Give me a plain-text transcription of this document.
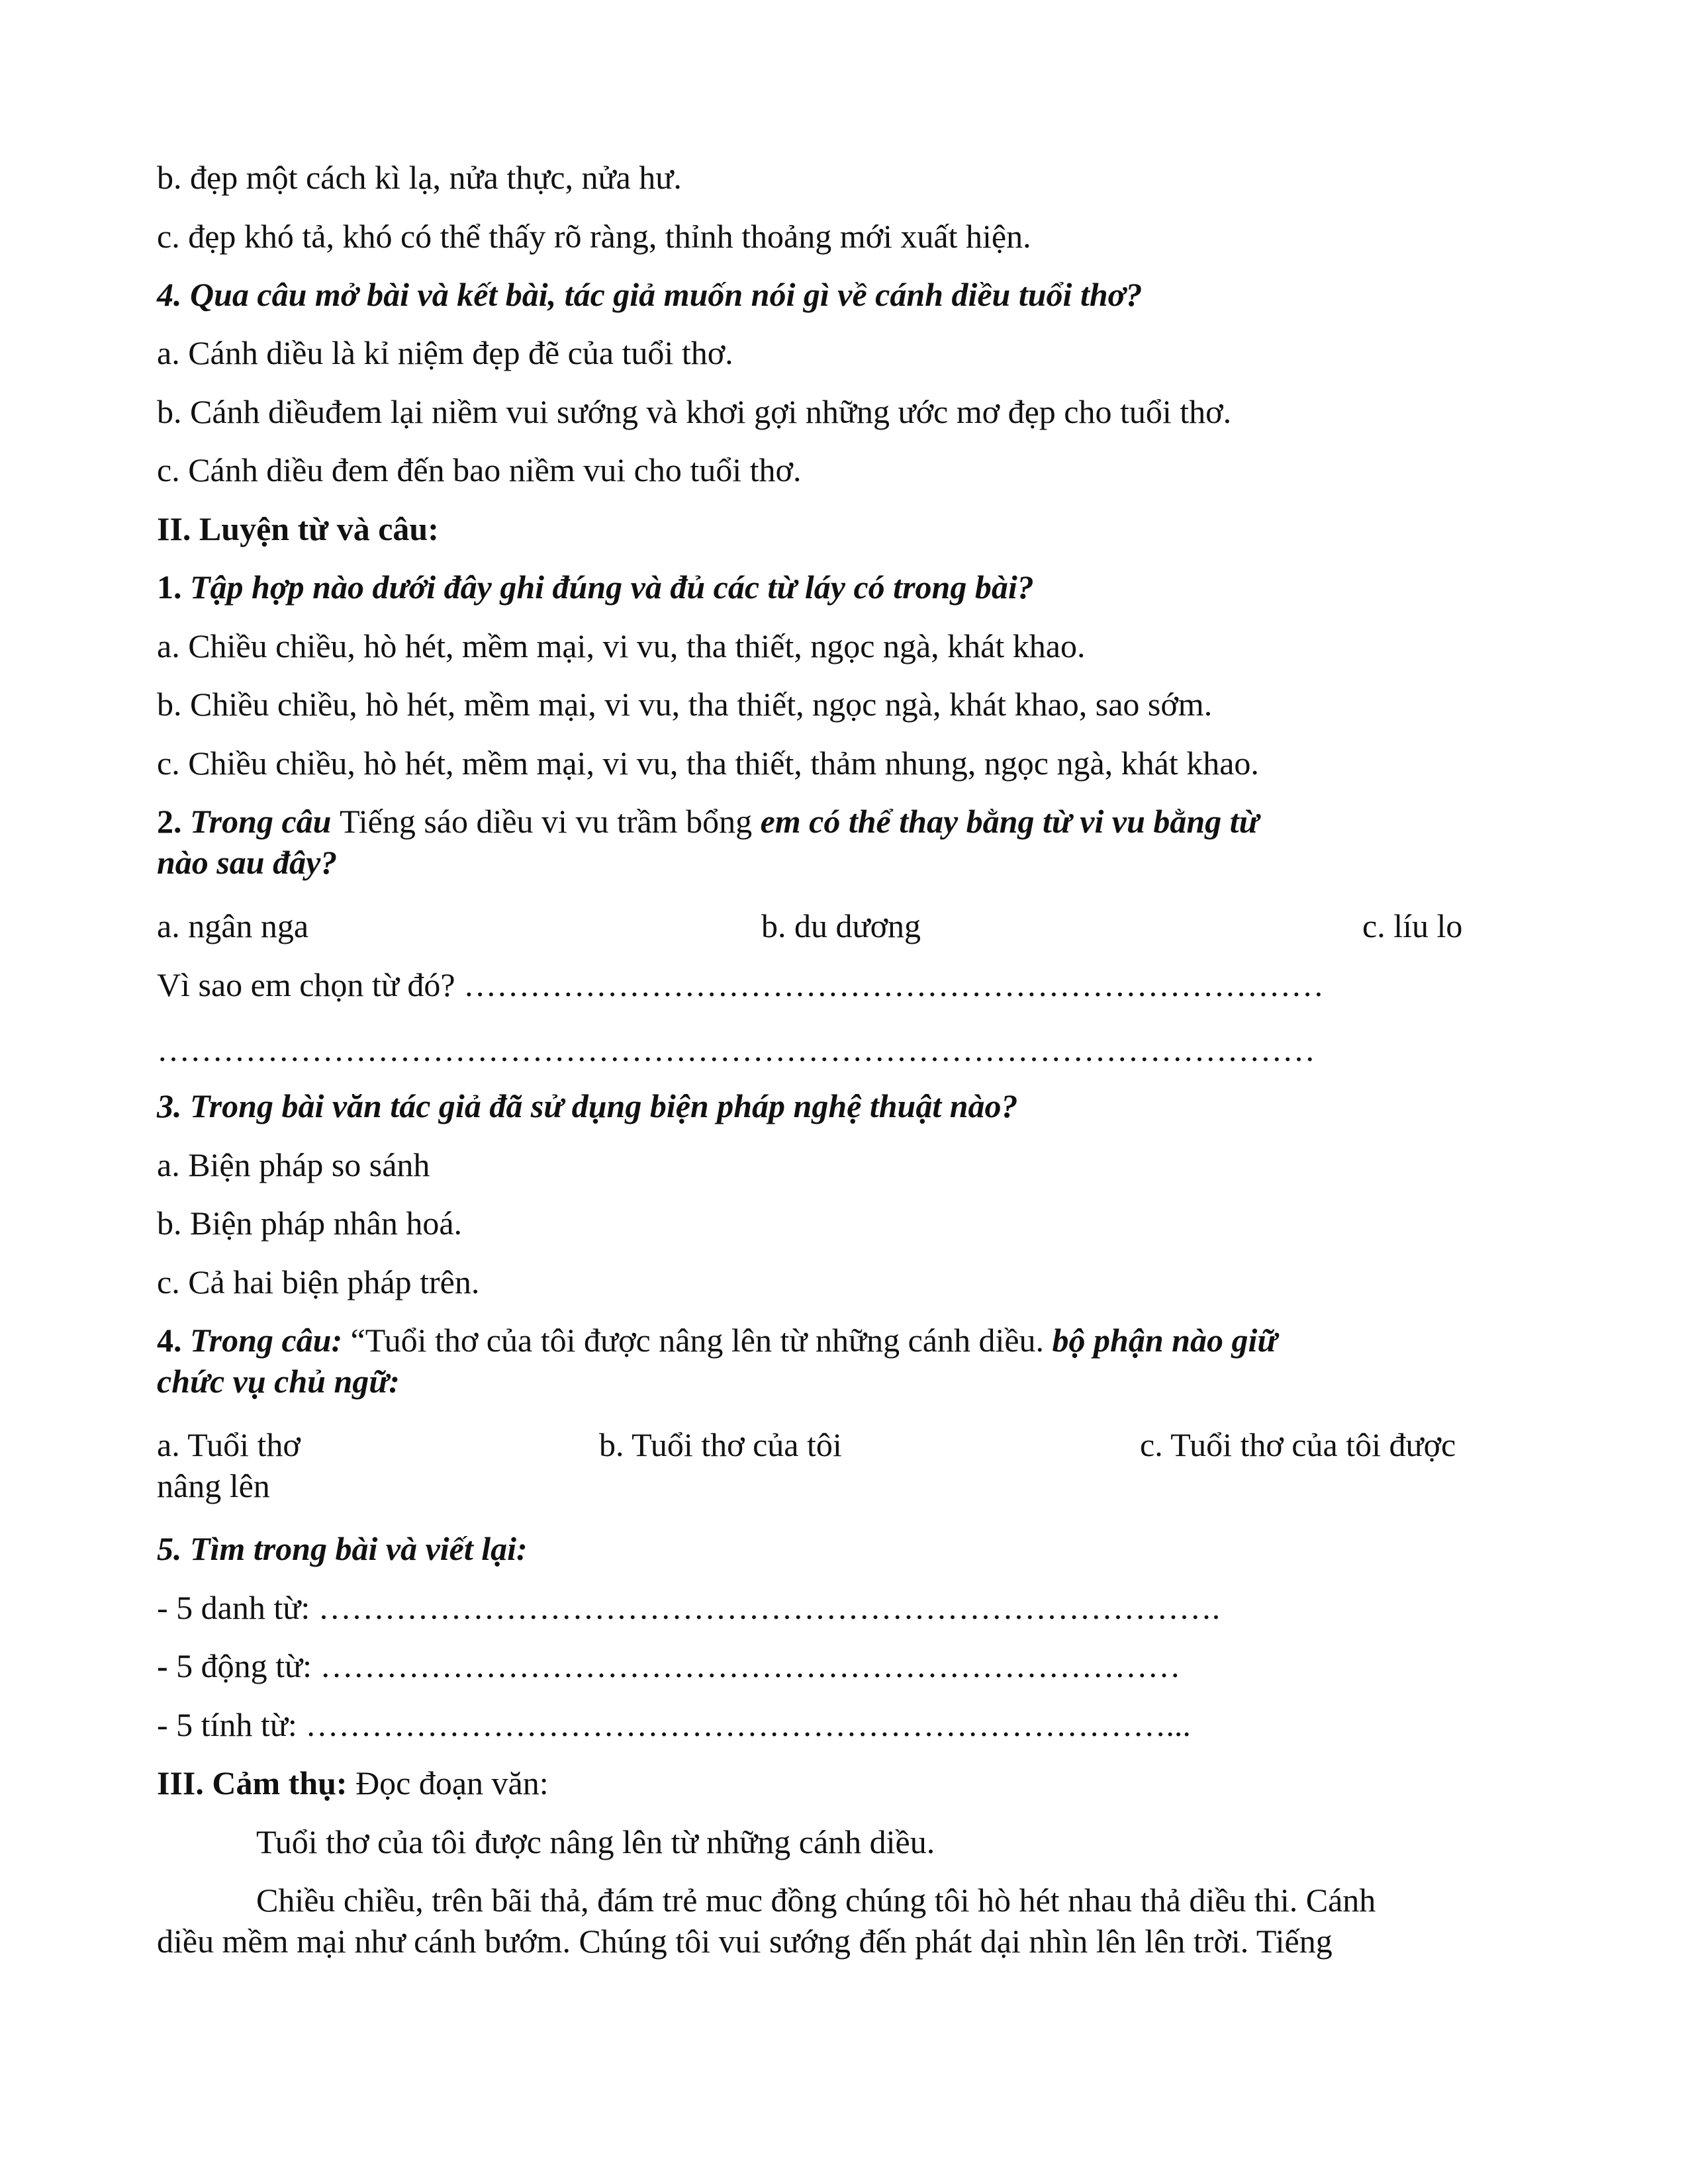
b. đẹp một cách kì lạ, nửa thực, nửa hư.

c. đẹp khó tả, khó có thể thấy rõ ràng, thỉnh thoảng mới xuất hiện.

4. Qua câu mở bài và kết bài, tác giả muốn nói gì về cánh diều tuổi thơ?

a. Cánh diều là kỉ niệm đẹp đẽ của tuổi thơ.

b. Cánh diềuđem lại niềm vui sướng và khơi gợi những ước mơ đẹp cho tuổi thơ.

c. Cánh diều đem đến bao niềm vui cho tuổi thơ.

II. Luyện từ và câu:

1. Tập hợp nào dưới đây ghi đúng và đủ các từ láy có trong bài?

a. Chiều chiều, hò hét, mềm mại, vi vu, tha thiết, ngọc ngà, khát khao.

b. Chiều chiều, hò hét, mềm mại, vi vu, tha thiết, ngọc ngà, khát khao, sao sớm.

c. Chiều chiều, hò hét, mềm mại, vi vu, tha thiết, thảm nhung, ngọc ngà, khát khao.

2. Trong câu Tiếng sáo diều vi vu trầm bổng em có thể thay bằng từ vi vu bằng từ

nào sau đây?

a. ngân nga	b. du dương	c. líu lo

Vì sao em chọn từ đó? ……………………………………………………………………

……………………………………………………………………………………………

3. Trong bài văn tác giả đã sử dụng biện pháp nghệ thuật nào?

a. Biện pháp so sánh

b. Biện pháp nhân hoá.

c. Cả hai biện pháp trên.

4. Trong câu: “Tuổi thơ của tôi được nâng lên từ những cánh diều. bộ phận nào giữ

chức vụ chủ ngữ:

a. Tuổi thơ	b. Tuổi thơ của tôi	c. Tuổi thơ của tôi được

nâng lên

5. Tìm trong bài và viết lại:

- 5 danh từ: ……………………………………………………………………….

- 5 động từ: ……………………………………………………………………

- 5 tính từ: ……………………………………………………………………...

III. Cảm thụ: Đọc đoạn văn:

Tuổi thơ của tôi được nâng lên từ những cánh diều.

Chiều chiều, trên bãi thả, đám trẻ muc đồng chúng tôi hò hét nhau thả diều thi. Cánh

diều mềm mại như cánh bướm. Chúng tôi vui sướng đến phát dại nhìn lên lên trời. Tiếng
